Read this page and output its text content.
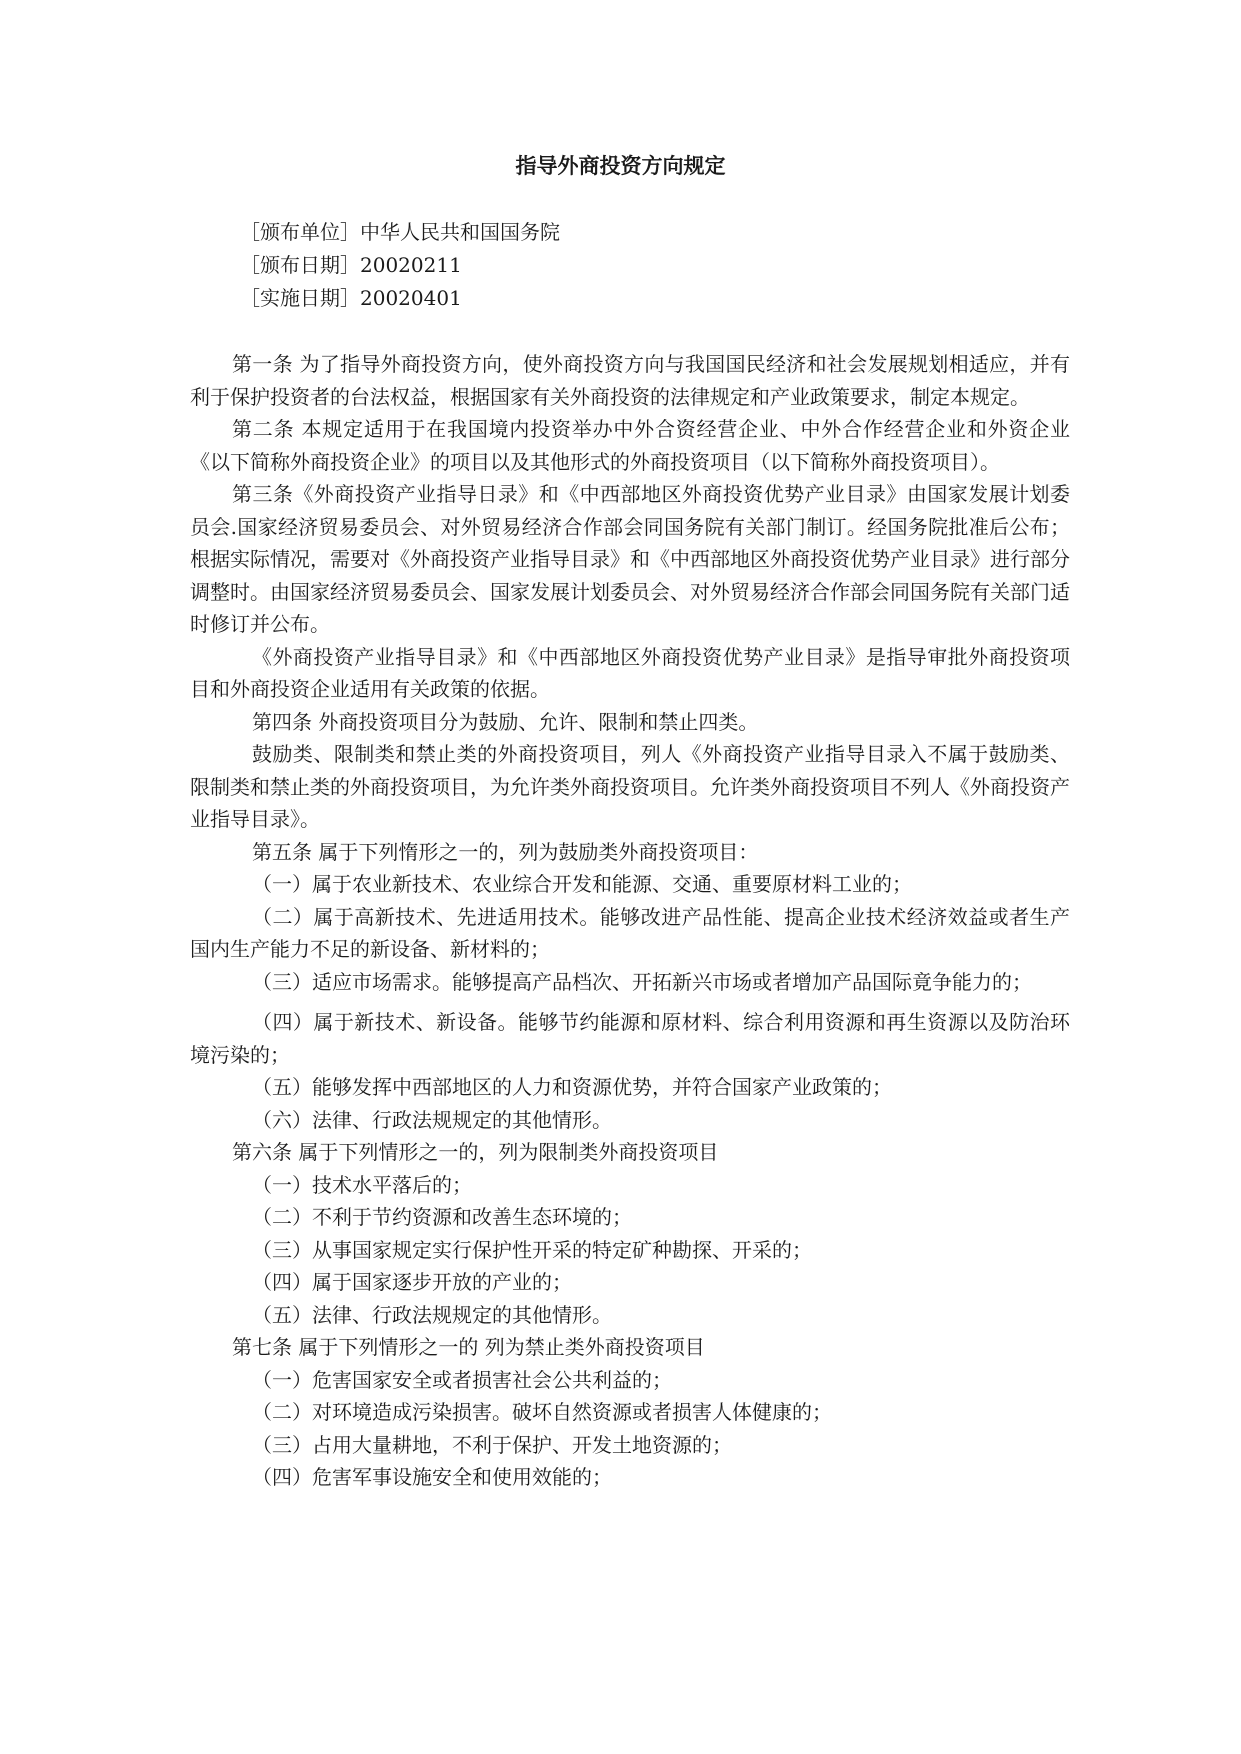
指导外商投资方向规定
［颁布单位］中华人民共和国国务院
［颁布日期］20020211
［实施日期］20020401

第一条 为了指导外商投资方向，使外商投资方向与我国国民经济和社会发展规划相适应，并有利于保护投资者的台法权益，根据国家有关外商投资的法律规定和产业政策要求，制定本规定。

第二条 本规定适用于在我国境内投资举办中外合资经营企业、中外合作经营企业和外资企业《以下简称外商投资企业》的项目以及其他形式的外商投资项目（以下简称外商投资项目）。

第三条《外商投资产业指导日录》和《中西部地区外商投资优势产业目录》由国家发展计划委员会.国家经济贸易委员会、对外贸易经济合作部会同国务院有关部门制订。经国务院批准后公布；根据实际情况，需要对《外商投资产业指导目录》和《中西部地区外商投资优势产业目录》进行部分调整时。由国家经济贸易委员会、国家发展计划委员会、对外贸易经济合作部会同国务院有关部门适时修订并公布。

《外商投资产业指导目录》和《中西部地区外商投资优势产业目录》是指导审批外商投资项目和外商投资企业适用有关政策的依据。

第四条 外商投资项目分为鼓励、允许、限制和禁止四类。

鼓励类、限制类和禁止类的外商投资项目，列人《外商投资产业指导目录入不属于鼓励类、限制类和禁止类的外商投资项目，为允许类外商投资项目。允许类外商投资项目不列人《外商投资产业指导目录》。

第五条 属于下列惰形之一的，列为鼓励类外商投资项目：

（一）属于农业新技术、农业综合开发和能源、交通、重要原材料工业的；

（二）属于高新技术、先进适用技术。能够改进产品性能、提高企业技术经济效益或者生产国内生产能力不足的新设备、新材料的；

（三）适应市场需求。能够提高产品档次、开拓新兴市场或者增加产品国际竟争能力的；

（四）属于新技术、新设备。能够节约能源和原材料、综合利用资源和再生资源以及防治环境污染的；

（五）能够发挥中西部地区的人力和资源优势，并符合国家产业政策的；

（六）法律、行政法规规定的其他情形。

第六条 属于下列情形之一的，列为限制类外商投资项目

（一）技术水平落后的；

（二）不利于节约资源和改善生态环境的；

（三）从事国家规定实行保护性开采的特定矿种勘探、开采的；

（四）属于国家逐步开放的产业的；

（五）法律、行政法规规定的其他情形。

第七条 属于下列情形之一的 列为禁止类外商投资项目

（一）危害国家安全或者损害社会公共利益的；

（二）对环境造成污染损害。破坏自然资源或者损害人体健康的；

（三）占用大量耕地，不利于保护、开发土地资源的；

（四）危害军事设施安全和使用效能的；
